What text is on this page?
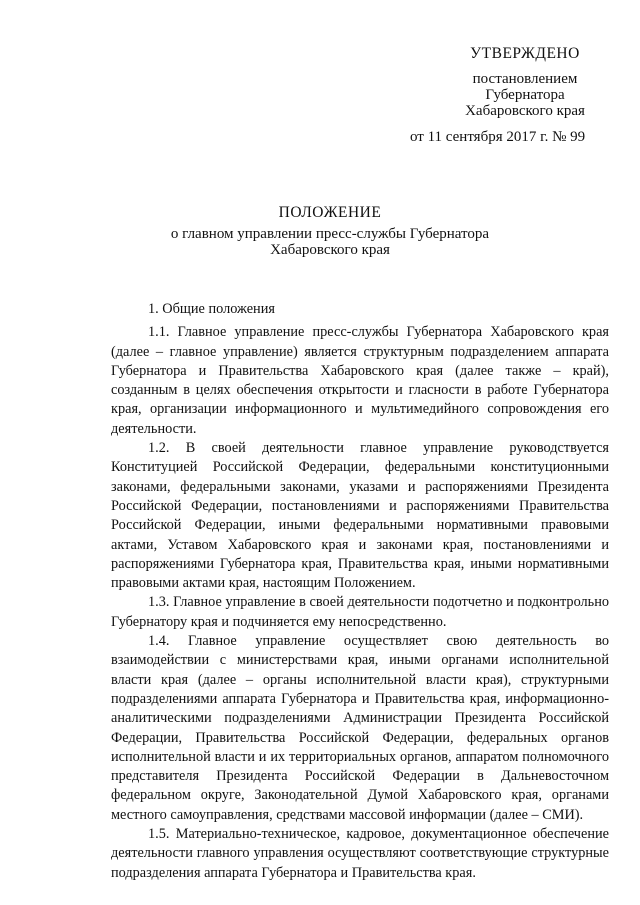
УТВЕРЖДЕНО
постановлением
Губернатора
Хабаровского края
от 11 сентября 2017 г. № 99
ПОЛОЖЕНИЕ
о главном управлении пресс-службы Губернатора
Хабаровского края

1. Общие положения

1.1. Главное управление пресс-службы Губернатора Хабаровского края (далее – главное управление) является структурным подразделением аппарата Губернатора и Правительства Хабаровского края (далее также – край), созданным в целях обеспечения открытости и гласности в работе Губернатора края, организации информационного и мультимедийного сопровождения его деятельности.

1.2. В своей деятельности главное управление руководствуется Конституцией Российской Федерации, федеральными конституционными законами, федеральными законами, указами и распоряжениями Президента Российской Федерации, постановлениями и распоряжениями Правительства Российской Федерации, иными федеральными нормативными правовыми актами, Уставом Хабаровского края и законами края, постановлениями и распоряжениями Губернатора края, Правительства края, иными нормативными правовыми актами края, настоящим Положением.

1.3. Главное управление в своей деятельности подотчетно и подконтрольно Губернатору края и подчиняется ему непосредственно.

1.4. Главное управление осуществляет свою деятельность во взаимодействии с министерствами края, иными органами исполнительной власти края (далее – органы исполнительной власти края), структурными подразделениями аппарата Губернатора и Правительства края, информационно-аналитическими подразделениями Администрации Президента Российской Федерации, Правительства Российской Федерации, федеральных органов исполнительной власти и их территориальных органов, аппаратом полномочного представителя Президента Российской Федерации в Дальневосточном федеральном округе, Законодательной Думой Хабаровского края, органами местного самоуправления, средствами массовой информации (далее – СМИ).

1.5. Материально-техническое, кадровое, документационное обеспечение деятельности главного управления осуществляют соответствующие структурные подразделения аппарата Губернатора и Правительства края.
